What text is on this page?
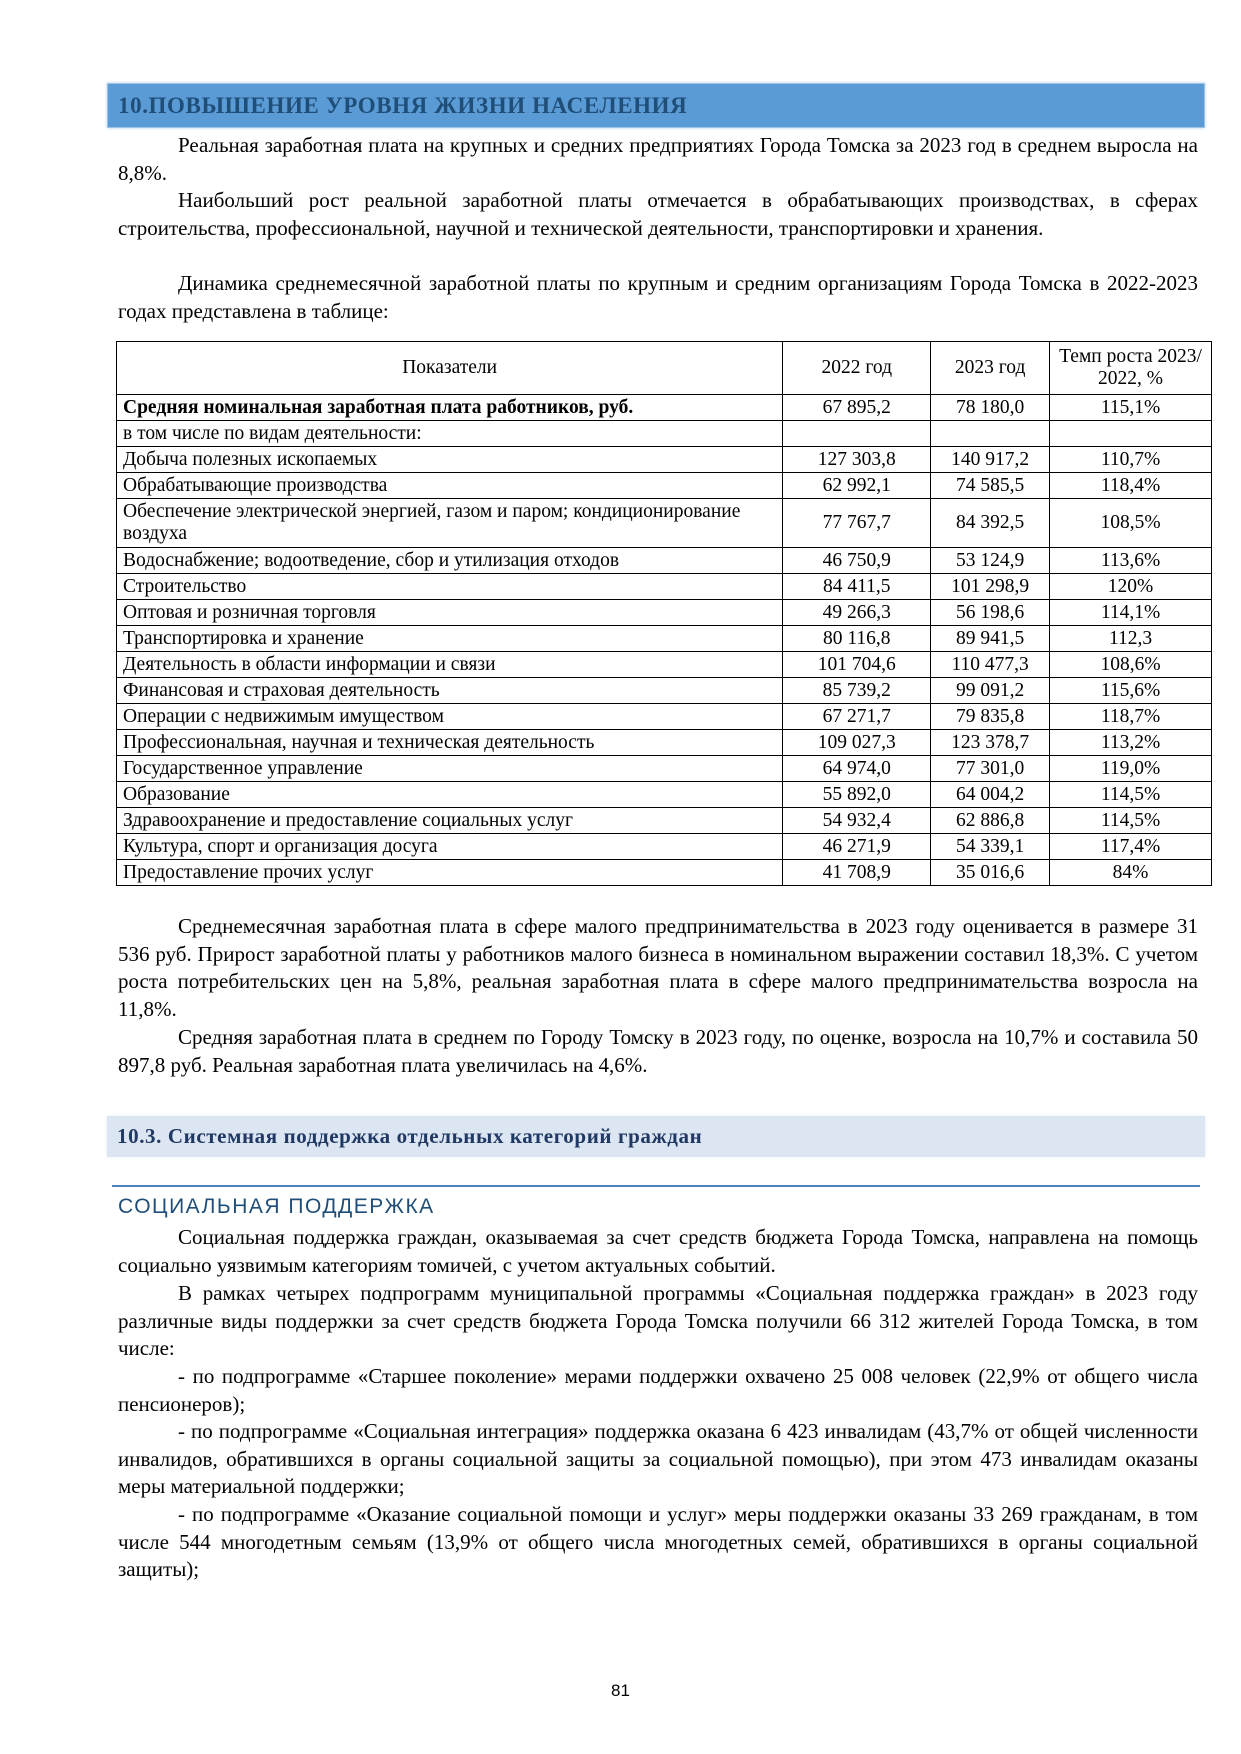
10.ПОВЫШЕНИЕ УРОВНЯ ЖИЗНИ НАСЕЛЕНИЯ

Реальная заработная плата на крупных и средних предприятиях Города Томска за 2023 год в среднем выросла на 8,8%.

Наибольший рост реальной заработной платы отмечается в обрабатывающих производствах, в сферах строительства, профессиональной, научной и технической деятельности, транспортировки и хранения.

Динамика среднемесячной заработной платы по крупным и средним организациям Города Томска в 2022-2023 годах представлена в таблице:

Показатели	2022 год	2023 год	Темп роста 2023/ 2022, %
Средняя номинальная заработная плата работников, руб.	67 895,2	78 180,0	115,1%
в том числе по видам деятельности:			
Добыча полезных ископаемых	127 303,8	140 917,2	110,7%
Обрабатывающие производства	62 992,1	74 585,5	118,4%
Обеспечение электрической энергией, газом и паром; кондиционирование воздуха	77 767,7	84 392,5	108,5%
Водоснабжение; водоотведение, сбор и утилизация отходов	46 750,9	53 124,9	113,6%
Строительство	84 411,5	101 298,9	120%
Оптовая и розничная торговля	49 266,3	56 198,6	114,1%
Транспортировка и хранение	80 116,8	89 941,5	112,3
Деятельность в области информации и связи	101 704,6	110 477,3	108,6%
Финансовая и страховая деятельность	85 739,2	99 091,2	115,6%
Операции с недвижимым имуществом	67 271,7	79 835,8	118,7%
Профессиональная, научная и техническая деятельность	109 027,3	123 378,7	113,2%
Государственное управление	64 974,0	77 301,0	119,0%
Образование	55 892,0	64 004,2	114,5%
Здравоохранение и предоставление социальных услуг	54 932,4	62 886,8	114,5%
Культура, спорт и организация досуга	46 271,9	54 339,1	117,4%
Предоставление прочих услуг	41 708,9	35 016,6	84%

Среднемесячная заработная плата в сфере малого предпринимательства в 2023 году оценивается в размере 31 536 руб. Прирост заработной платы у работников малого бизнеса в номинальном выражении составил 18,3%. С учетом роста потребительских цен на 5,8%, реальная заработная плата в сфере малого предпринимательства возросла на 11,8%.

Средняя заработная плата в среднем по Городу Томску в 2023 году, по оценке, возросла на 10,7% и составила 50 897,8 руб. Реальная заработная плата увеличилась на 4,6%.

10.3. Системная поддержка отдельных категорий граждан
СОЦИАЛЬНАЯ ПОДДЕРЖКА

Социальная поддержка граждан, оказываемая за счет средств бюджета Города Томска, направлена на помощь социально уязвимым категориям томичей, с учетом актуальных событий.

В рамках четырех подпрограмм муниципальной программы «Социальная поддержка граждан» в 2023 году различные виды поддержки за счет средств бюджета Города Томска получили 66 312 жителей Города Томска, в том числе:

- по подпрограмме «Старшее поколение» мерами поддержки охвачено 25 008 человек (22,9% от общего числа пенсионеров);

- по подпрограмме «Социальная интеграция» поддержка оказана 6 423 инвалидам (43,7% от общей численности инвалидов, обратившихся в органы социальной защиты за социальной помощью), при этом 473 инвалидам оказаны меры материальной поддержки;

- по подпрограмме «Оказание социальной помощи и услуг» меры поддержки оказаны 33 269 гражданам, в том числе 544 многодетным семьям (13,9% от общего числа многодетных семей, обратившихся в органы социальной защиты);

81
